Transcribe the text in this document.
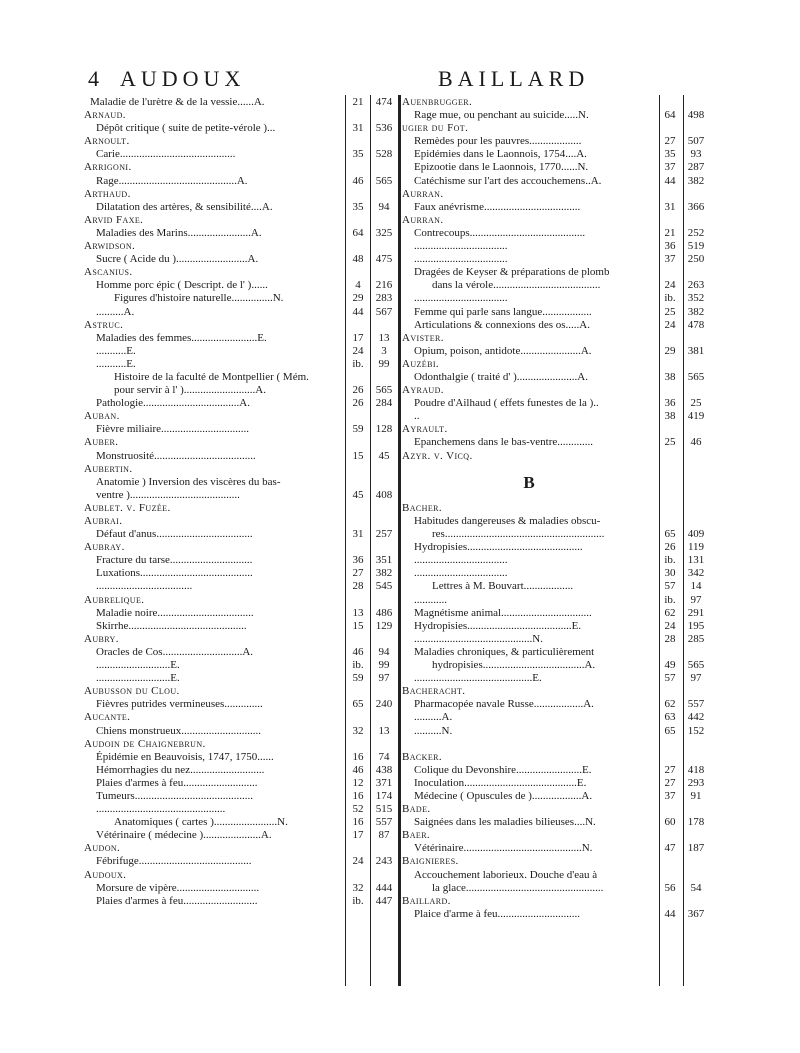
4 AUDOUX	BAILLARD
Maladie de l'urètre & de la vessie......A.	21	474
Arnaud.
Dépôt critique ( suite de petite-vérole )...	31	536
Arnoult.
Carie..........................................	35	528
Arrigoni.
Rage...........................................A.	46	565
Arthaud.
Dilatation des artères, & sensibilité....A.	35	94
Arvid Faxe.
Maladies des Marins.......................A.	64	325
Arwidson.
Sucre ( Acide du )..........................A.	48	475
Ascanius.
Homme porc épic ( Descript. de l' )......	4	216
Figures d'histoire naturelle...............N.	29	283
..........A.	44	567
Astruc.
Maladies des femmes........................E.	17	13
...........E.	24	3
...........E.	ib.	99
Histoire de la faculté de Montpellier ( Mém.
pour servir à l' )..........................A.	26	565
Pathologie...................................A.	26	284
Auban.
Fièvre miliaire................................	59	128
Auber.
Monstruosité.....................................	15	45
Aubertin.
Anatomie ) Inversion des viscères du bas-
ventre )........................................	45	408
Aublet. v. Fuzée.
Aubrai.
Défaut d'anus...................................	31	257
Aubray.
Fracture du tarse..............................	36	351
Luxations.........................................	27	382
...................................	28	545
Aubrelique.
Maladie noire...................................	13	486
Skirrhe...........................................	15	129
Aubry.
Oracles de Cos.............................A.	46	94
...........................E.	ib.	99
...........................E.	59	97
Aubusson du Clou.
Fièvres putrides vermineuses..............	65	240
Aucante.
Chiens monstrueux.............................	32	13
Audoin de Chaignebrun.
Épidémie en Beauvoisis, 1747, 1750......	16	74
Hémorrhagies du nez...........................	46	438
Plaies d'armes à feu...........................	12	371
Tumeurs...........................................	16	174
...............................................	52	515
Anatomiques ( cartes ).......................N.	16	557
Vétérinaire ( médecine ).....................A.	17	87
Audon.
Fébrifuge.........................................	24	243
Audoux.
Morsure de vipère..............................	32	444
Plaies d'armes à feu...........................	ib.	447
Auenbrugger.
Rage mue, ou penchant au suicide.....N.	64	498
ugier du Fot.
Remèdes pour les pauvres...................	27	507
Epidémies dans le Laonnois, 1754....A.	35	93
Epizootie dans le Laonnois, 1770......N.	37	287
Catéchisme sur l'art des accouchemens..A.	44	382
Aurran.
Faux anévrisme...................................	31	366
Aurran.
Contrecoups..........................................	21	252
..................................	36	519
..................................	37	250
Dragées de Keyser & préparations de plomb
dans la vérole.......................................	24	263
..................................	ib.	352
Femme qui parle sans langue..................	25	382
Articulations & connexions des os.....A.	24	478
Avister.
Opium, poison, antidote......................A.	29	381
Auzébi.
Odonthalgie ( traité d' )......................A.	38	565
Ayraud.
Poudre d'Ailhaud ( effets funestes de la )..	36	25
..	38	419
Ayrault.
Epanchemens dans le bas-ventre.............	25	46
Azyr. v. Vicq.
B
Bacher.
Habitudes dangereuses & maladies obscu-
res..........................................................	65	409
Hydropisies..........................................	26	119
..................................	ib.	131
..................................	30	342
Lettres à M. Bouvart..................	57	14
............	ib.	97
Magnétisme animal.................................	62	291
Hydropisies......................................E.	24	195
...........................................N.	28	285
Maladies chroniques, & particulièrement
hydropisies.....................................A.	49	565
...........................................E.	57	97
Bacheracht.
Pharmacopée navale Russe..................A.	62	557
..........A.	63	442
..........N.	65	152
Backer.
Colique du Devonshire........................E.	27	418
Inoculation.........................................E.	27	293
Médecine ( Opuscules de )..................A.	37	91
Bade.
Saignées dans les maladies bilieuses....N.	60	178
Baer.
Vétérinaire...........................................N.	47	187
Baignieres.
Accouchement laborieux. Douche d'eau à
la glace..................................................	56	54
Baillard.
Plaice d'arme à feu..............................	44	367
